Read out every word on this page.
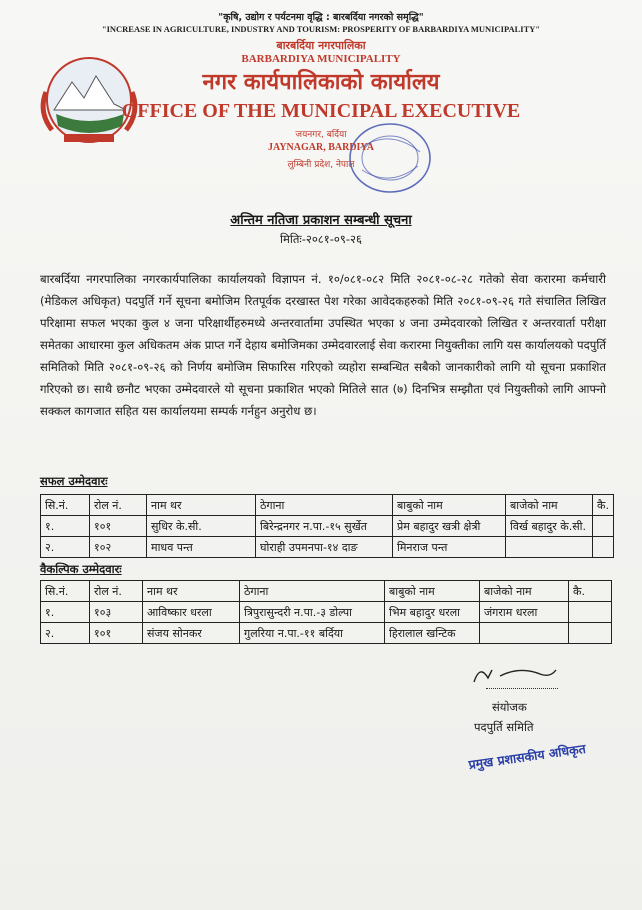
"कृषि, उद्योग र पर्यटनमा वृद्धि : बारबर्दिया नगरको समृद्धि"
"INCREASE IN AGRICULTURE, INDUSTRY AND TOURISM: PROSPERITY OF BARBARDIYA MUNICIPALITY"
बारबर्दिया नगरपालिका
BARBARDIYA MUNICIPALITY
नगर कार्यपालिकाको कार्यालय
OFFICE OF THE MUNICIPAL EXECUTIVE
जयनगर, बर्दिया
JAYNAGAR, BARDIYA
लुम्बिनी प्रदेश, नेपाल
अन्तिम नतिजा प्रकाशन सम्बन्धी सूचना
मितिः-२०८१-०९-२६
बारबर्दिया नगरपालिका नगरकार्यपालिका कार्यालयको विज्ञापन नं. १०/०८१-०८२ मिति २०८१-०८-२८ गतेको सेवा करारमा कर्मचारी (मेडिकल अधिकृत) पदपुर्ति गर्ने सूचना बमोजिम रितपूर्वक दरखास्त पेश गरेका आवेदकहरुको मिति २०८१-०९-२६ गते संचालित लिखित परिक्षामा सफल भएका कुल ४ जना परिक्षार्थीहरुमध्ये अन्तरवार्तामा उपस्थित भएका ४ जना उम्मेदवारको लिखित र अन्तरवार्ता परीक्षा समेतका आधारमा कुल अधिकतम अंक प्राप्त गर्ने देहाय बमोजिमका उम्मेदवारलाई सेवा करारमा नियुक्तीका लागि यस कार्यालयको पदपुर्ति समितिको मिति २०८१-०९-२६ को निर्णय बमोजिम सिफारिस गरिएको व्यहोरा सम्बन्धित सबैको जानकारीको लागि यो सूचना प्रकाशित गरिएको छ। साथै छनौट भएका उम्मेदवारले यो सूचना प्रकाशित भएको मितिले सात (७) दिनभित्र सम्झौता एवं नियुक्तीको लागि आफ्नो सक्कल कागजात सहित यस कार्यालयमा सम्पर्क गर्नहुन अनुरोध छ।
सफल उम्मेदवारः
सि.नं.	रोल नं.	नाम थर	ठेगाना	बाबुको नाम	बाजेको नाम	कै.
१.	१०१	सुधिर के.सी.	बिरेन्द्रनगर न.पा.-१५ सुर्खेत	प्रेम बहादुर खत्री क्षेत्री	विर्ख बहादुर के.सी.	
२.	१०२	माधव पन्त	घोराही उपमनपा-१४ दाङ	मिनराज पन्त		
वैकल्पिक उम्मेदवारः
सि.नं.	रोल नं.	नाम थर	ठेगाना	बाबुको नाम	बाजेको नाम	कै.
१.	१०३	आविष्कार धरला	त्रिपुरासुन्दरी न.पा.-३ डोल्पा	भिम बहादुर धरला	जंगराम धरला	
२.	१०१	संजय सोनकर	गुलरिया न.पा.-११ बर्दिया	हिरालाल खन्टिक		
संयोजक
पदपुर्ति समिति
प्रमुख प्रशासकीय अधिकृत
